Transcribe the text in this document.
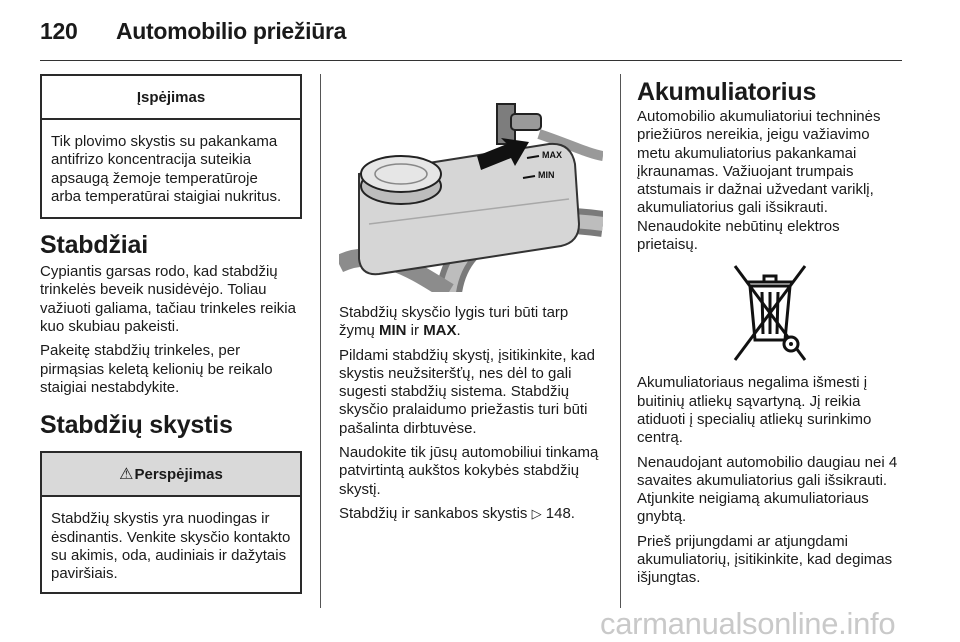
120 Automobilio priežiūra
Įspėjimas

Tik plovimo skystis su pakankama antifrizo koncentracija suteikia apsaugą žemoje temperatūroje arba temperatūrai staigiai nukritus.

Stabdžiai

Cypiantis garsas rodo, kad stabdžių trinkelės beveik nusidėvėjo. Toliau važiuoti galiama, tačiau trinkeles reikia kuo skubiau pakeisti.

Pakeitę stabdžių trinkeles, per pirmąsias keletą kelionių be reikalo staigiai nestabdykite.

Stabdžių skystis
⚠ Perspėjimas

Stabdžių skystis yra nuodingas ir ėsdinantis. Venkite skysčio kontakto su akimis, oda, audiniais ir dažytais paviršiais.

MAX
MIN

Stabdžių skysčio lygis turi būti tarp žymų MIN ir MAX.

Pildami stabdžių skystį, įsitikinkite, kad skystis neužsiteršťų, nes dėl to gali sugesti stabdžių sistema. Stabdžių skysčio pralaidumo priežastis turi būti pašalinta dirbtuvėse.

Naudokite tik jūsų automobiliui tinkamą patvirtintą aukštos kokybės stabdžių skystį.

Stabdžių ir sankabos skystis ▷ 148.

Akumuliatorius

Automobilio akumuliatoriui techninės priežiūros nereikia, jeigu važiavimo metu akumuliatorius pakankamai įkraunamas. Važiuojant trumpais atstumais ir dažnai užvedant variklį, akumuliatorius gali išsikrauti. Nenaudokite nebūtinų elektros prietaisų.

Akumuliatoriaus negalima išmesti į buitinių atliekų sąvartyną. Jį reikia atiduoti į specialių atliekų surinkimo centrą.

Nenaudojant automobilio daugiau nei 4 savaites akumuliatorius gali išsikrauti. Atjunkite neigiamą akumuliatoriaus gnybtą.

Prieš prijungdami ar atjungdami akumuliatorių, įsitikinkite, kad degimas išjungtas.

carmanualsonline.info
